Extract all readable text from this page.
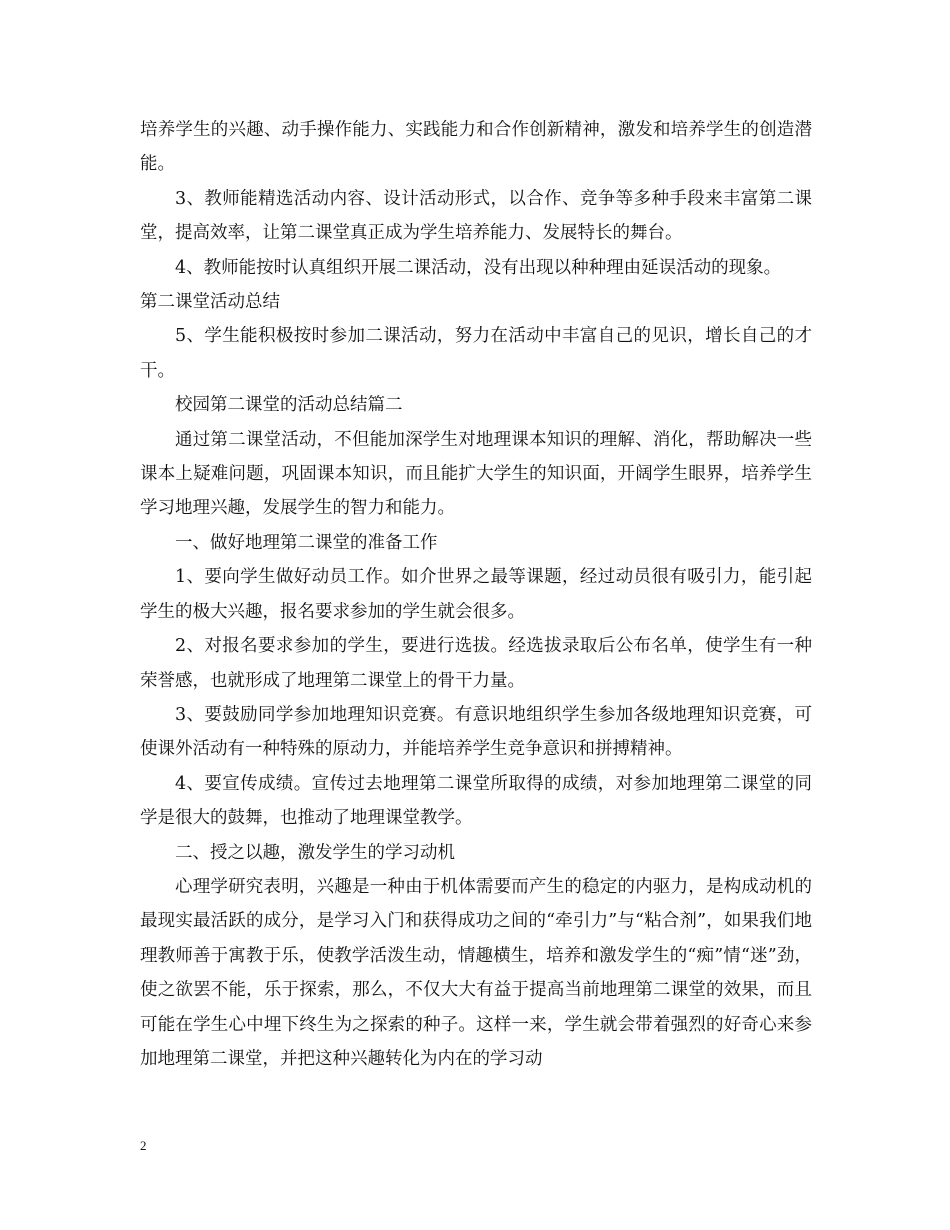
培养学生的兴趣、动手操作能力、实践能力和合作创新精神，激发和培养学生的创造潜能。

3、教师能精选活动内容、设计活动形式，以合作、竞争等多种手段来丰富第二课堂，提高效率，让第二课堂真正成为学生培养能力、发展特长的舞台。

4、教师能按时认真组织开展二课活动，没有出现以种种理由延误活动的现象。

第二课堂活动总结

5、学生能积极按时参加二课活动，努力在活动中丰富自己的见识，增长自己的才干。

校园第二课堂的活动总结篇二

通过第二课堂活动，不但能加深学生对地理课本知识的理解、消化，帮助解决一些课本上疑难问题，巩固课本知识，而且能扩大学生的知识面，开阔学生眼界，培养学生学习地理兴趣，发展学生的智力和能力。

一、做好地理第二课堂的准备工作

1、要向学生做好动员工作。如介世界之最等课题，经过动员很有吸引力，能引起学生的极大兴趣，报名要求参加的学生就会很多。

2、对报名要求参加的学生，要进行选拔。经选拔录取后公布名单，使学生有一种荣誉感，也就形成了地理第二课堂上的骨干力量。

3、要鼓励同学参加地理知识竞赛。有意识地组织学生参加各级地理知识竞赛，可使课外活动有一种特殊的原动力，并能培养学生竞争意识和拼搏精神。

4、要宣传成绩。宣传过去地理第二课堂所取得的成绩，对参加地理第二课堂的同学是很大的鼓舞，也推动了地理课堂教学。

二、授之以趣，激发学生的学习动机

心理学研究表明，兴趣是一种由于机体需要而产生的稳定的内驱力，是构成动机的最现实最活跃的成分，是学习入门和获得成功之间的“牵引力”与“粘合剂”，如果我们地理教师善于寓教于乐，使教学活泼生动，情趣横生，培养和激发学生的“痴”情“迷”劲，使之欲罢不能，乐于探索，那么，不仅大大有益于提高当前地理第二课堂的效果，而且可能在学生心中埋下终生为之探索的种子。这样一来，学生就会带着强烈的好奇心来参加地理第二课堂，并把这种兴趣转化为内在的学习动

2
